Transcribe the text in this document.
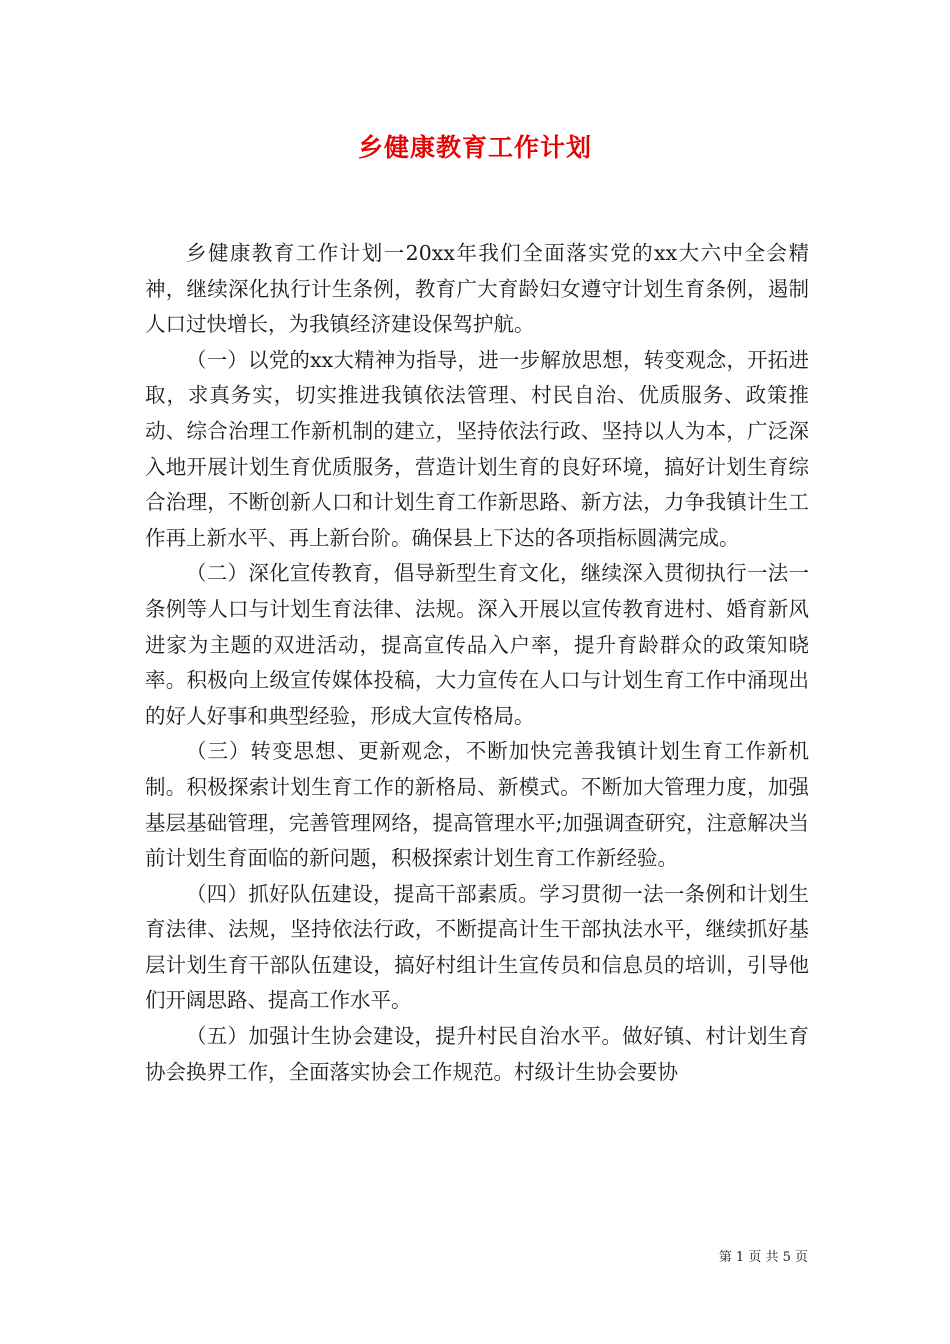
乡健康教育工作计划

乡健康教育工作计划一20xx年我们全面落实党的xx大六中全会精神，继续深化执行计生条例，教育广大育龄妇女遵守计划生育条例，遏制人口过快增长，为我镇经济建设保驾护航。

（一）以党的xx大精神为指导，进一步解放思想，转变观念，开拓进取，求真务实，切实推进我镇依法管理、村民自治、优质服务、政策推动、综合治理工作新机制的建立，坚持依法行政、坚持以人为本，广泛深入地开展计划生育优质服务，营造计划生育的良好环境，搞好计划生育综合治理，不断创新人口和计划生育工作新思路、新方法，力争我镇计生工作再上新水平、再上新台阶。确保县上下达的各项指标圆满完成。

（二）深化宣传教育，倡导新型生育文化，继续深入贯彻执行一法一条例等人口与计划生育法律、法规。深入开展以宣传教育进村、婚育新风进家为主题的双进活动，提高宣传品入户率，提升育龄群众的政策知晓率。积极向上级宣传媒体投稿，大力宣传在人口与计划生育工作中涌现出的好人好事和典型经验，形成大宣传格局。

（三）转变思想、更新观念，不断加快完善我镇计划生育工作新机制。积极探索计划生育工作的新格局、新模式。不断加大管理力度，加强基层基础管理，完善管理网络，提高管理水平;加强调查研究，注意解决当前计划生育面临的新问题，积极探索计划生育工作新经验。

（四）抓好队伍建设，提高干部素质。学习贯彻一法一条例和计划生育法律、法规，坚持依法行政，不断提高计生干部执法水平，继续抓好基层计划生育干部队伍建设，搞好村组计生宣传员和信息员的培训，引导他们开阔思路、提高工作水平。

（五）加强计生协会建设，提升村民自治水平。做好镇、村计划生育协会换界工作，全面落实协会工作规范。村级计生协会要协

第 1 页 共 5 页
